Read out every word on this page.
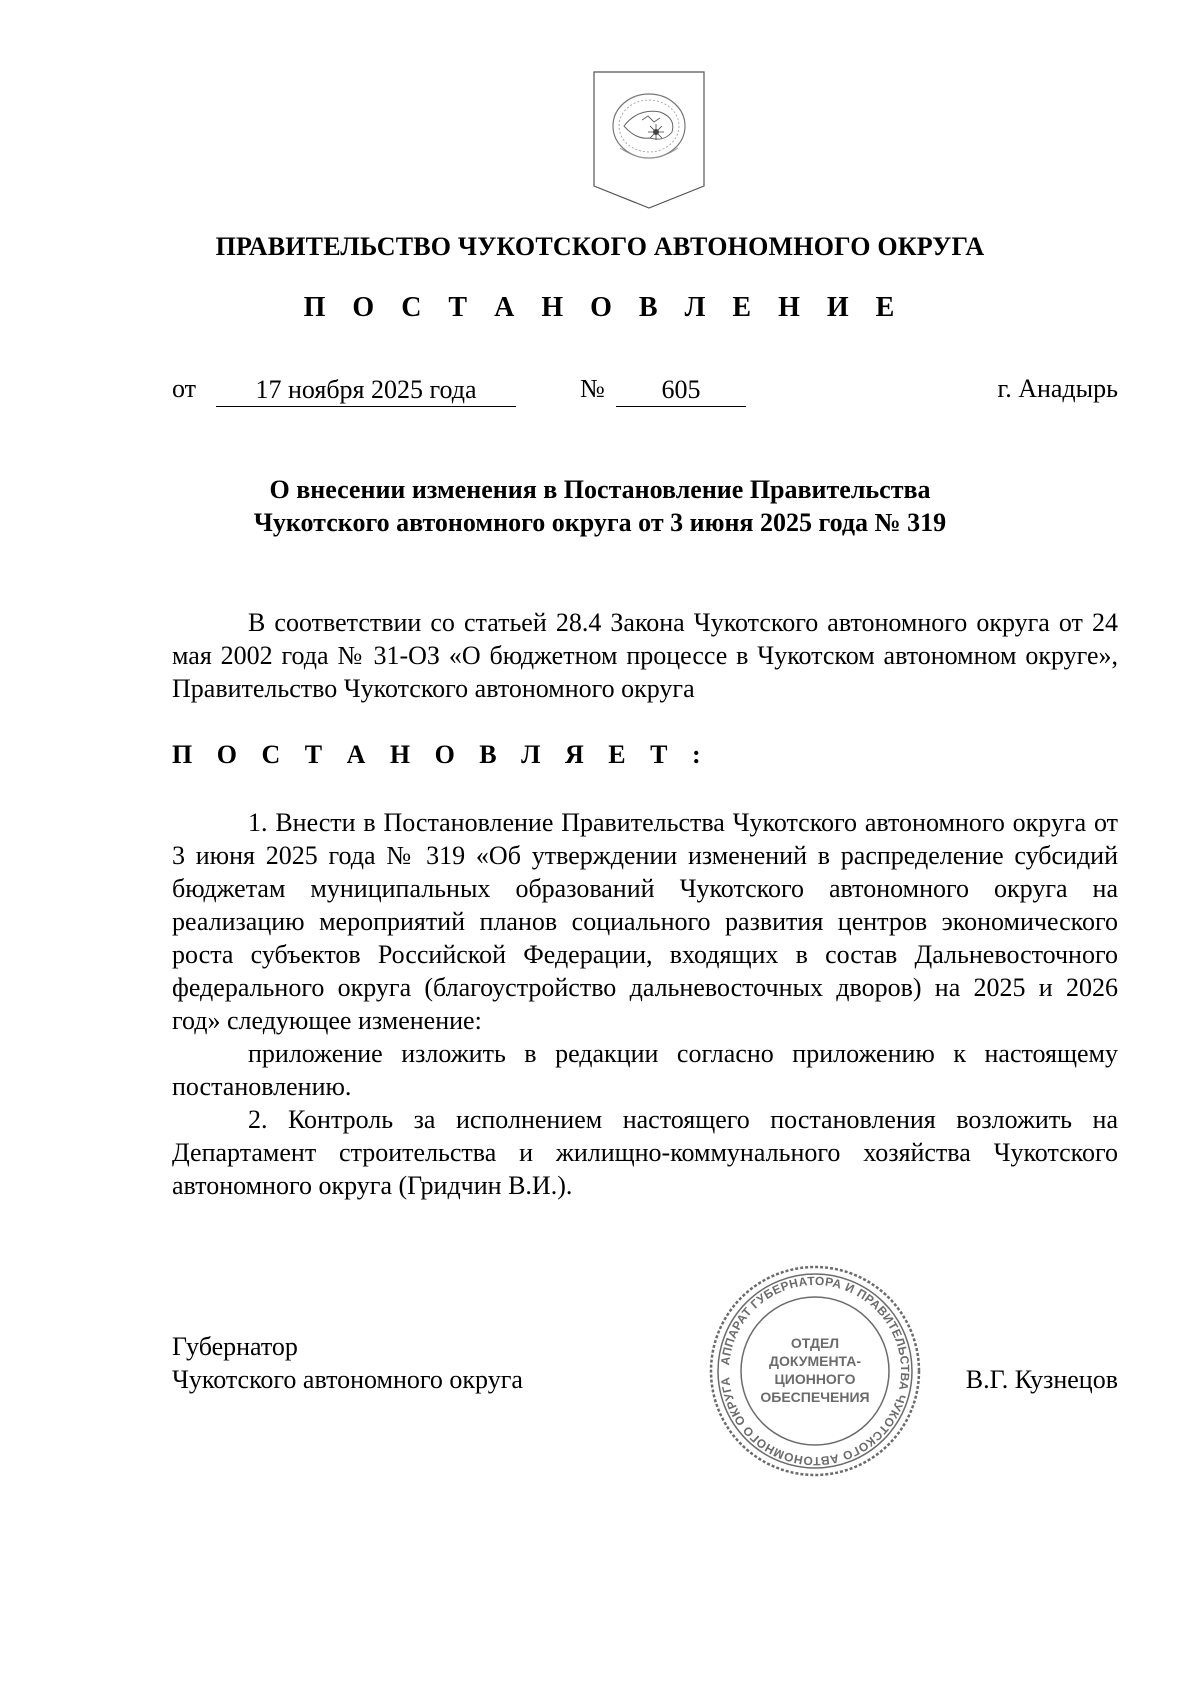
ПРАВИТЕЛЬСТВО ЧУКОТСКОГО АВТОНОМНОГО ОКРУГА
П О С Т А Н О В Л Е Н И Е
от	17 ноября 2025 года	№	605	г. Анадырь
О внесении изменения в Постановление Правительства
Чукотского автономного округа от 3 июня 2025 года № 319

В соответствии со статьей 28.4 Закона Чукотского автономного округа от 24 мая 2002 года № 31-ОЗ «О бюджетном процессе в Чукотском автономном округе», Правительство Чукотского автономного округа

П О С Т А Н О В Л Я Е Т :

1. Внести в Постановление Правительства Чукотского автономного округа от 3 июня 2025 года № 319 «Об утверждении изменений в распределение субсидий бюджетам муниципальных образований Чукотского автономного округа на реализацию мероприятий планов социального развития центров экономического роста субъектов Российской Федерации, входящих в состав Дальневосточного федерального округа (благоустройство дальневосточных дворов) на 2025 и 2026 год» следующее изменение:

приложение изложить в редакции согласно приложению к настоящему постановлению.

2. Контроль за исполнением настоящего постановления возложить на Департамент строительства и жилищно-коммунального хозяйства Чукотского автономного округа (Гридчин В.И.).

Губернатор
Чукотского автономного округа	В.Г. Кузнецов
АППАРАТ ГУБЕРНАТОРА И ПРАВИТЕЛЬСТВА ЧУКОТСКОГО АВТОНОМНОГО ОКРУГА
ОТДЕЛ
ДОКУМЕНТА-
ЦИОННОГО
ОБЕСПЕЧЕНИЯ
